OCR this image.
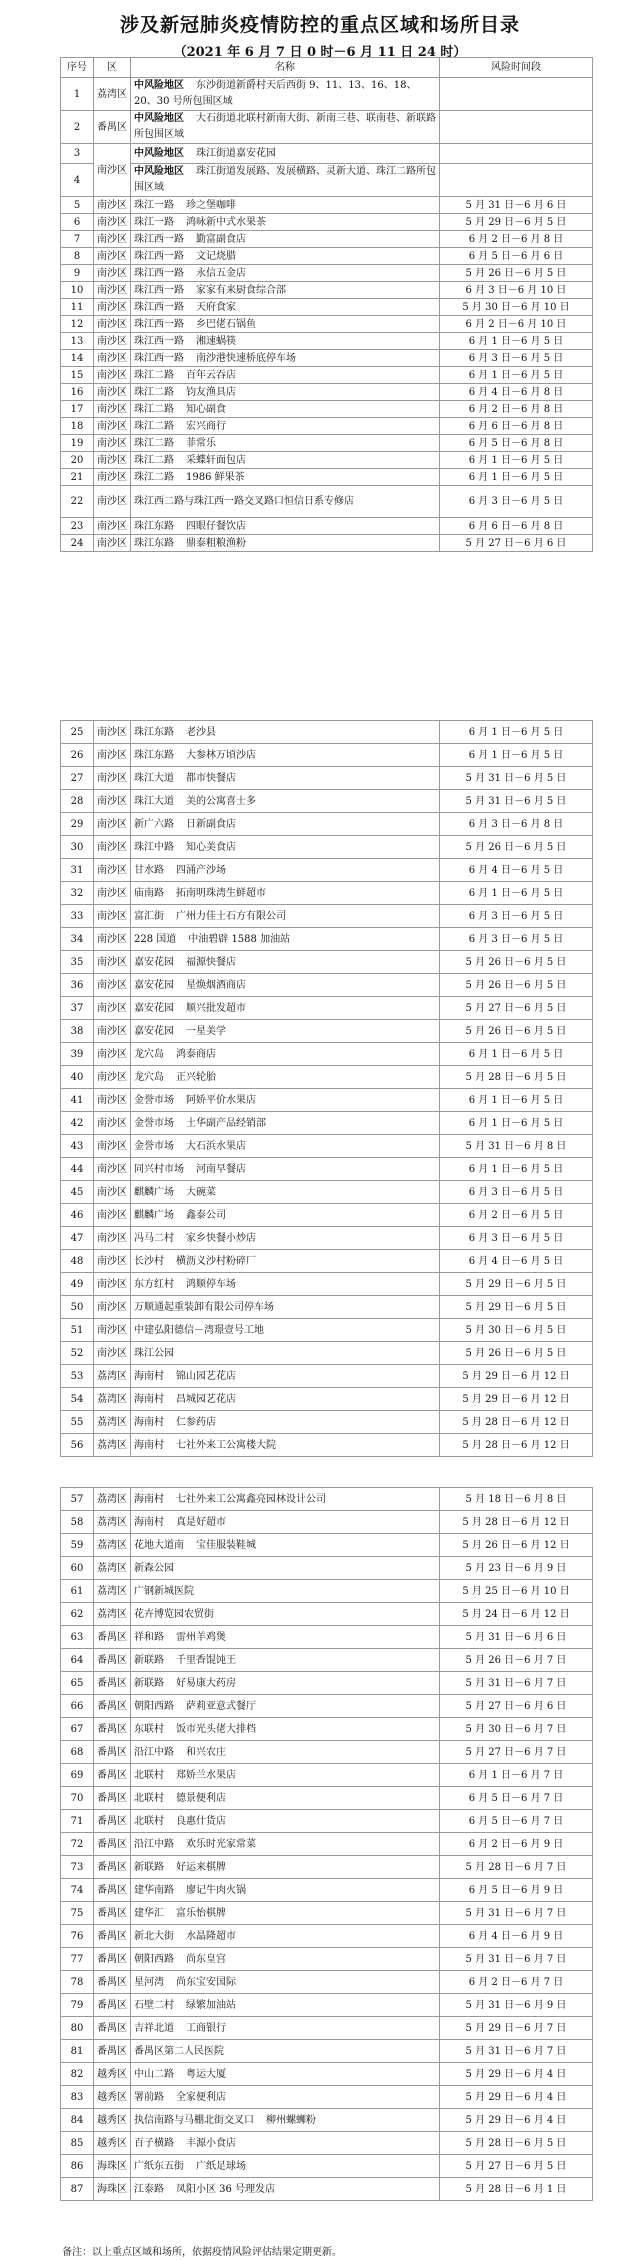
涉及新冠肺炎疫情防控的重点区域和场所目录
（2021 年 6 月 7 日 0 时－6 月 11 日 24 时）
序号	区	名称	风险时间段
1	荔湾区	中风险地区 东沙街道新爵村天后西街 9、11、13、16、18、20、30 号所包围区域	
2	番禺区	中风险地区 大石街道北联村新南大街、新南三巷、联南巷、新联路所包围区域	
3	南沙区	中风险地区 珠江街道嘉安花园	
4		中风险地区 珠江街道发展路、发展横路、灵新大道、珠江二路所包围区域	
5	南沙区	珠江一路 珍之堡咖啡	5 月 31 日－6 月 6 日
6	南沙区	珠江一路 鸿咏新中式水果茶	5 月 29 日－6 月 5 日
7	南沙区	珠江西一路 勤富副食店	6 月 2 日－6 月 8 日
8	南沙区	珠江西一路 文记烧腊	6 月 5 日－6 月 6 日
9	南沙区	珠江西一路 永信五金店	5 月 26 日－6 月 5 日
10	南沙区	珠江西一路 家家有来厨食综合部	6 月 3 日－6 月 10 日
11	南沙区	珠江西一路 天府食家	5 月 30 日－6 月 10 日
12	南沙区	珠江西一路 乡巴佬石锅鱼	6 月 2 日－6 月 10 日
13	南沙区	珠江西一路 湘速蜗筷	6 月 1 日－6 月 5 日
14	南沙区	珠江西一路 南沙港快速桥底停车场	6 月 3 日－6 月 5 日
15	南沙区	珠江二路 百年云吞店	6 月 1 日－6 月 5 日
16	南沙区	珠江二路 钧友渔具店	6 月 4 日－6 月 8 日
17	南沙区	珠江二路 知心副食	6 月 2 日－6 月 8 日
18	南沙区	珠江二路 宏兴商行	6 月 6 日－6 月 8 日
19	南沙区	珠江二路 菲常乐	6 月 5 日－6 月 8 日
20	南沙区	珠江二路 采蝶轩面包店	6 月 1 日－6 月 5 日
21	南沙区	珠江二路 1986 鲜果茶	6 月 1 日－6 月 5 日
22	南沙区	珠江西二路与珠江西一路交叉路口恒信日系专修店	6 月 3 日－6 月 5 日
23	南沙区	珠江东路 四眼仔餐饮店	6 月 6 日－6 月 8 日
24	南沙区	珠江东路 鼎泰粗粮渔粉	5 月 27 日－6 月 6 日
25	南沙区	珠江东路 老沙县	6 月 1 日－6 月 5 日
26	南沙区	珠江东路 大参林万頃沙店	6 月 1 日－6 月 5 日
27	南沙区	珠江大道 都市快餐店	5 月 31 日－6 月 5 日
28	南沙区	珠江大道 美的公寓喜士多	5 月 31 日－6 月 5 日
29	南沙区	新广六路 日新副食店	6 月 3 日－6 月 8 日
30	南沙区	珠江中路 知心美食店	5 月 26 日－6 月 5 日
31	南沙区	甘水路 四涌产沙场	6 月 4 日－6 月 5 日
32	南沙区	庙南路 拓南明珠湾生鲜超市	6 月 1 日－6 月 5 日
33	南沙区	富汇街 广州力佳土石方有限公司	6 月 3 日－6 月 5 日
34	南沙区	228 国道 中油碧辟 1588 加油站	6 月 3 日－6 月 5 日
35	南沙区	嘉安花园 福源快餐店	5 月 26 日－6 月 5 日
36	南沙区	嘉安花园 星焕烟酒商店	5 月 26 日－6 月 5 日
37	南沙区	嘉安花园 顺兴批发超市	5 月 27 日－6 月 5 日
38	南沙区	嘉安花园 一星美学	5 月 26 日－6 月 5 日
39	南沙区	龙穴岛 鸿泰商店	6 月 1 日－6 月 5 日
40	南沙区	龙穴岛 正兴轮胎	5 月 28 日－6 月 5 日
41	南沙区	金誉市场 阿娇平价水果店	6 月 1 日－6 月 5 日
42	南沙区	金誉市场 土华副产品经销部	6 月 1 日－6 月 5 日
43	南沙区	金誉市场 大石浜水果店	5 月 31 日－6 月 8 日
44	南沙区	同兴村市场 河南早餐店	6 月 1 日－6 月 5 日
45	南沙区	麒麟广场 大碗菜	6 月 3 日－6 月 5 日
46	南沙区	麒麟广场 鑫泰公司	6 月 2 日－6 月 5 日
47	南沙区	冯马二村 家乡快餐小炒店	6 月 3 日－6 月 5 日
48	南沙区	长沙村 横沥义沙村粉碎厂	6 月 4 日－6 月 5 日
49	南沙区	东方红村 鸿顺停车场	5 月 29 日－6 月 5 日
50	南沙区	万顺通起重装卸有限公司停车场	5 月 29 日－6 月 5 日
51	南沙区	中建弘阳德信－湾璟壹号工地	5 月 30 日－6 月 5 日
52	南沙区	珠江公园	5 月 26 日－6 月 5 日
53	荔湾区	海南村 锦山园艺花店	5 月 29 日－6 月 12 日
54	荔湾区	海南村 昌城园艺花店	5 月 29 日－6 月 12 日
55	荔湾区	海南村 仁参药店	5 月 28 日－6 月 12 日
56	荔湾区	海南村 七社外来工公寓楼大院	5 月 28 日－6 月 12 日
57	荔湾区	海南村 七社外来工公寓鑫亮园林设计公司	5 月 18 日－6 月 8 日
58	荔湾区	海南村 真是好超市	5 月 28 日－6 月 12 日
59	荔湾区	花地大道南 宝佳服装鞋城	5 月 26 日－6 月 12 日
60	荔湾区	新森公园	5 月 23 日－6 月 9 日
61	荔湾区	广钢新城医院	5 月 25 日－6 月 10 日
62	荔湾区	花卉博览园农贸街	5 月 24 日－6 月 12 日
63	番禺区	祥和路 雷州羊鸡煲	5 月 31 日－6 月 6 日
64	番禺区	新联路 千里香馄饨王	5 月 26 日－6 月 7 日
65	番禺区	新联路 好易康大药房	5 月 31 日－6 月 7 日
66	番禺区	朝阳西路 萨莉亚意式餐厅	5 月 27 日－6 月 6 日
67	番禺区	东联村 饭市光头佬大排档	5 月 30 日－6 月 7 日
68	番禺区	沿江中路 和兴农庄	5 月 27 日－6 月 7 日
69	番禺区	北联村 郑娇兰水果店	6 月 1 日－6 月 7 日
70	番禺区	北联村 德景便利店	6 月 5 日－6 月 7 日
71	番禺区	北联村 良惠什货店	6 月 5 日－6 月 7 日
72	番禺区	沿江中路 欢乐时光家常菜	6 月 2 日－6 月 9 日
73	番禺区	新联路 好运来棋牌	5 月 28 日－6 月 7 日
74	番禺区	建华南路 廖记牛肉火锅	6 月 5 日－6 月 9 日
75	番禺区	建华汇 富乐怡棋牌	5 月 31 日－6 月 7 日
76	番禺区	新北大街 水晶隆超市	6 月 4 日－6 月 9 日
77	番禺区	朝阳西路 尚东皇宫	5 月 31 日－6 月 7 日
78	番禺区	星河湾 尚东宝安国际	6 月 2 日－6 月 7 日
79	番禺区	石壁二村 绿繁加油站	5 月 31 日－6 月 9 日
80	番禺区	吉祥北道 工商银行	5 月 29 日－6 月 7 日
81	番禺区	番禺区第二人民医院	5 月 31 日－6 月 7 日
82	越秀区	中山二路 粤运大厦	5 月 29 日－6 月 4 日
83	越秀区	署前路 全家便利店	5 月 29 日－6 月 4 日
84	越秀区	执信南路与马棚北街交叉口 柳州螺蛳粉	5 月 29 日－6 月 4 日
85	越秀区	百子横路 丰源小食店	5 月 28 日－6 月 5 日
86	海珠区	广纸东五街 广纸足球场	5 月 27 日－6 月 5 日
87	海珠区	江泰路 凤阳小区 36 号理发店	5 月 28 日－6 月 1 日
备注：以上重点区域和场所，依据疫情风险评估结果定期更新。
